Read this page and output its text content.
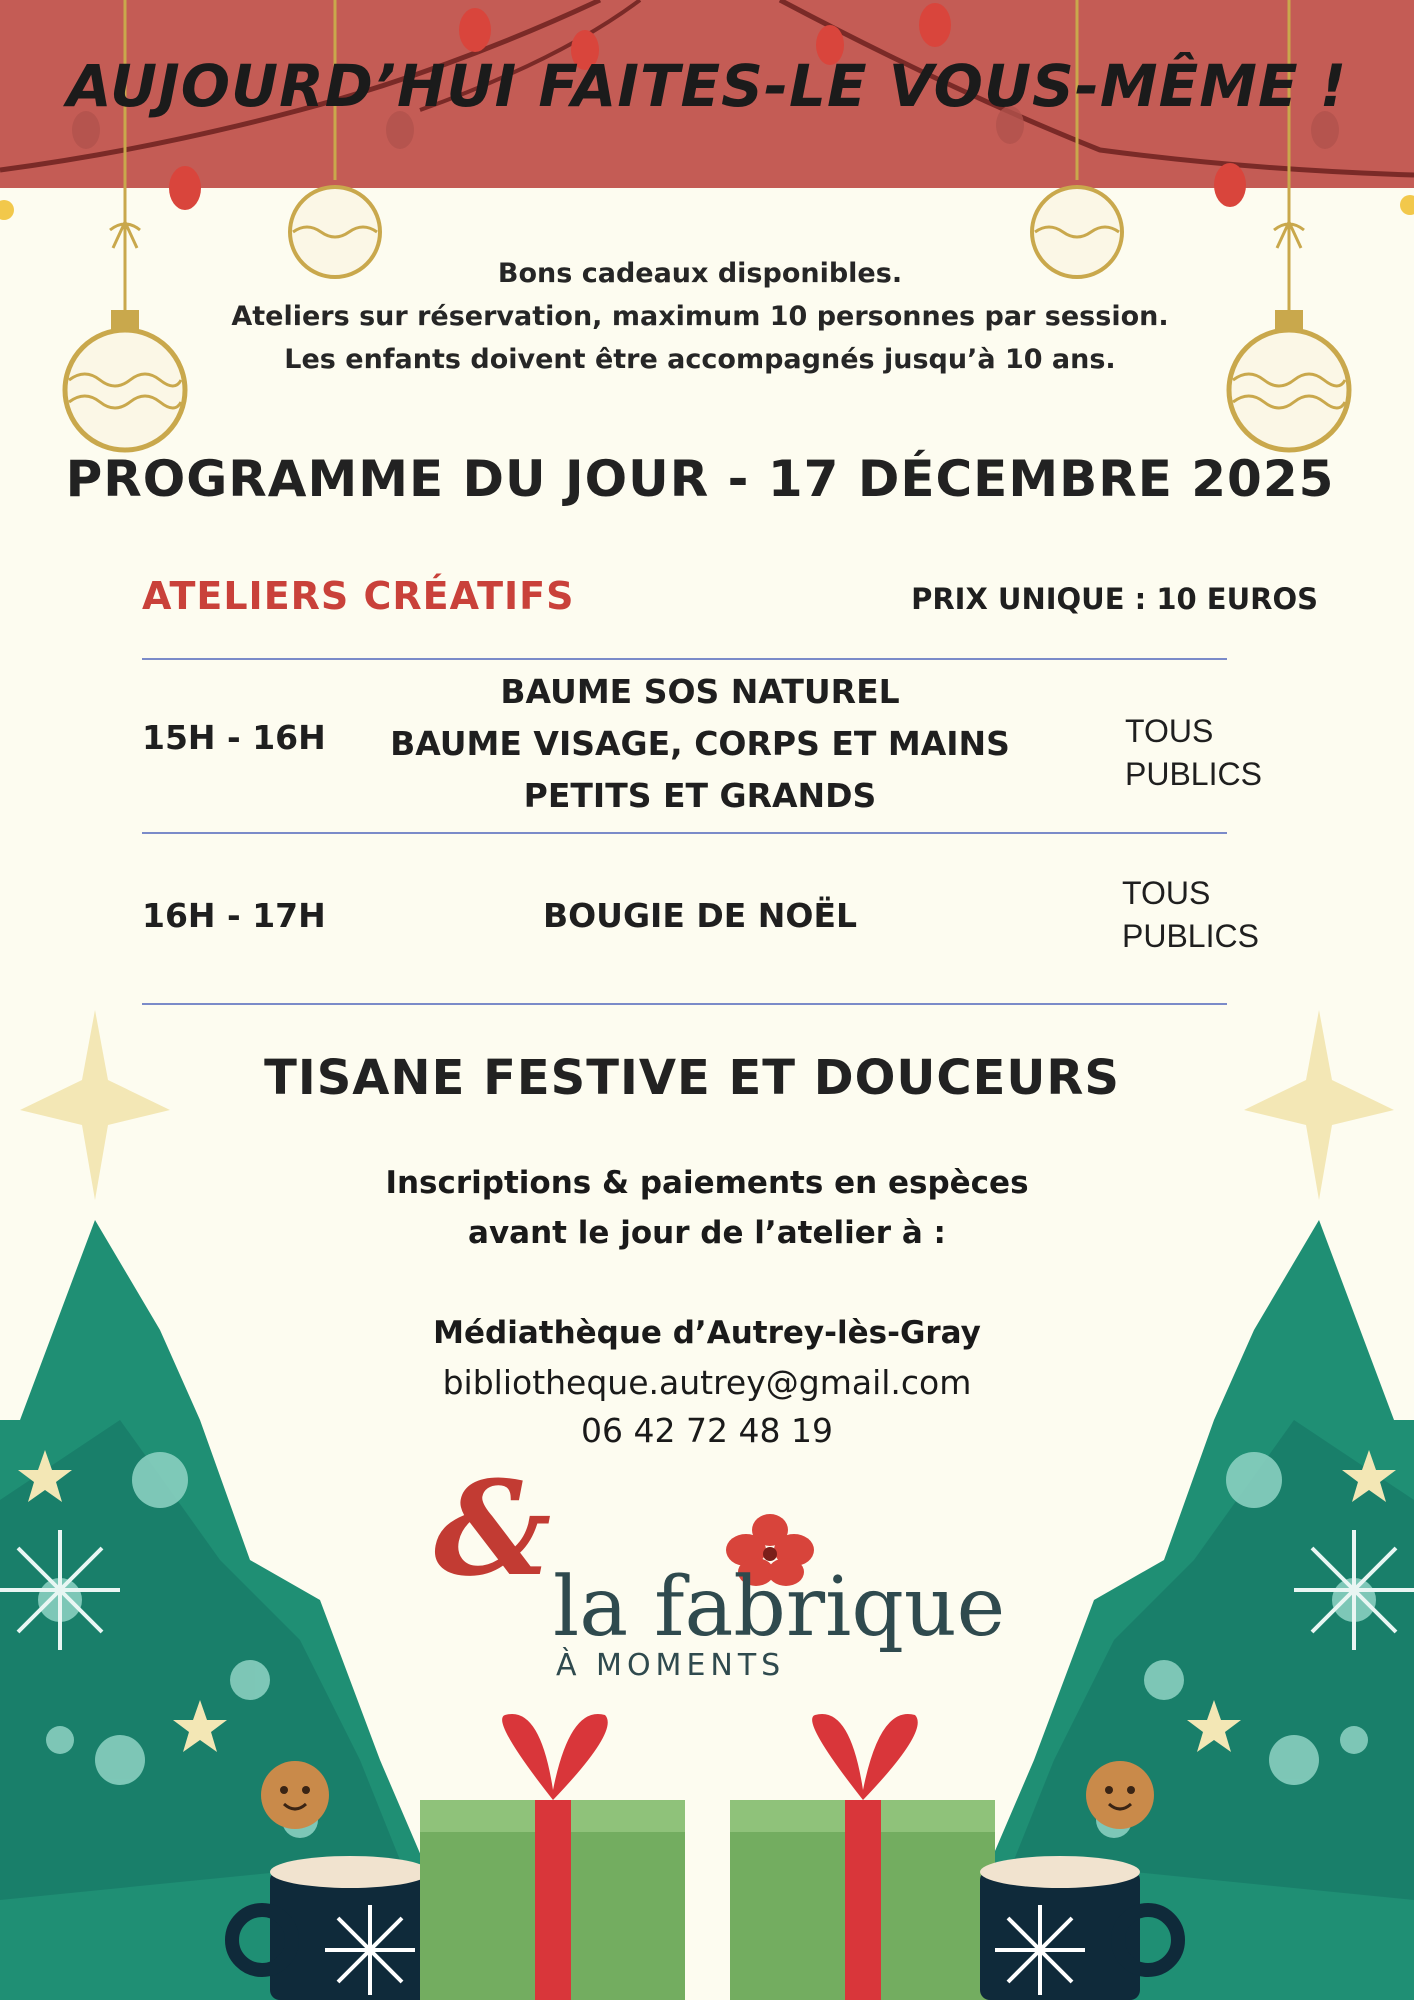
AUJOURD’HUI FAITES-LE VOUS-MÊME !
Bons cadeaux disponibles.
Ateliers sur réservation, maximum 10 personnes par session.
Les enfants doivent être accompagnés jusqu’à 10 ans.
PROGRAMME DU JOUR - 17 DÉCEMBRE 2025
ATELIERS CRÉATIFS	PRIX UNIQUE : 10 EUROS
15H - 16H
BAUME SOS NATUREL
BAUME VISAGE, CORPS ET MAINS
PETITS ET GRANDS
TOUS
PUBLICS
16H - 17H	BOUGIE DE NOËL
TOUS
PUBLICS
TISANE FESTIVE ET DOUCEURS
Inscriptions & paiements en espèces
avant le jour de l’atelier à :
Médiathèque d’Autrey-lès-Gray
bibliotheque.autrey@gmail.com
06 42 72 48 19
&
la fabrique
À MOMENTS
